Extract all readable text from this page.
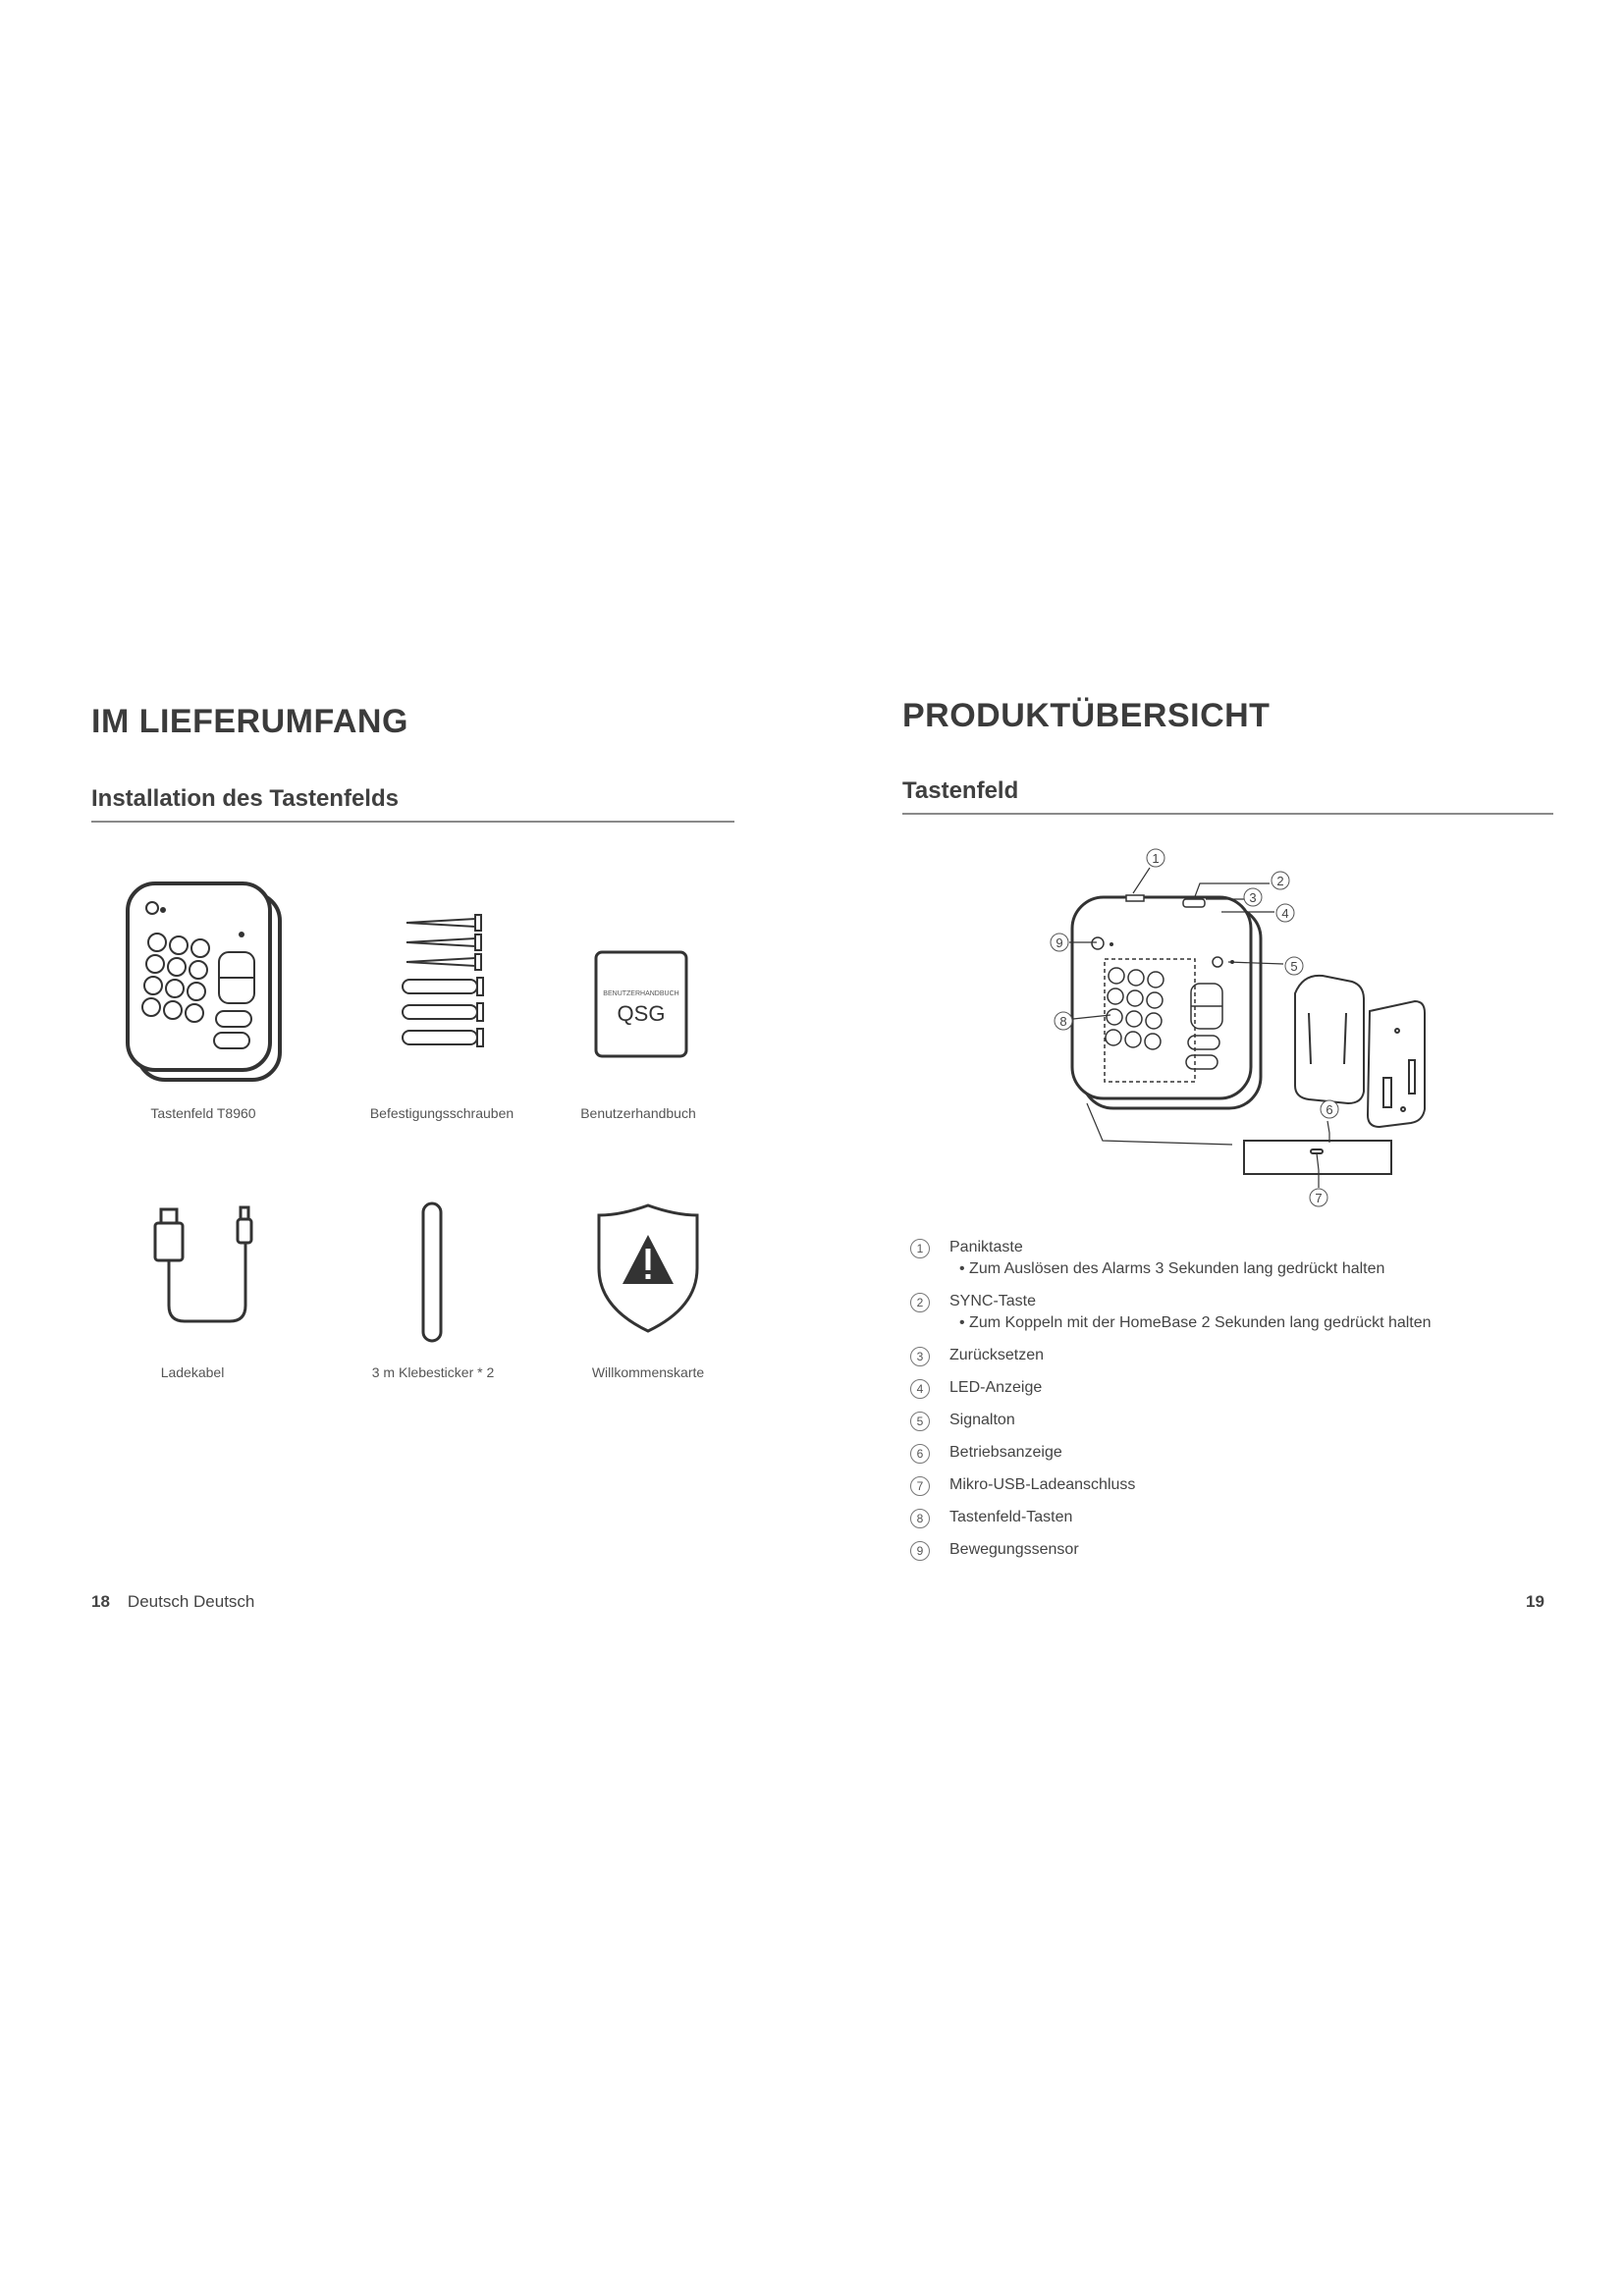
IM LIEFERUMFANG
Installation des Tastenfelds
Tastenfeld T8960	Befestigungsschrauben
BENUTZERHANDBUCH
QSG
Benutzerhandbuch
Ladekabel	3 m Klebesticker * 2	Willkommenskarte
18 Deutsch Deutsch
PRODUKTÜBERSICHT
Tastenfeld
1
2
3
4
5
6
7
8
9
1	Paniktaste
• Zum Auslösen des Alarms 3 Sekunden lang gedrückt halten
2	SYNC-Taste
• Zum Koppeln mit der HomeBase 2 Sekunden lang gedrückt halten
3	Zurücksetzen
4	LED-Anzeige
5	Signalton
6	Betriebsanzeige
7	Mikro-USB-Ladeanschluss
8	Tastenfeld-Tasten
9	Bewegungssensor
19
